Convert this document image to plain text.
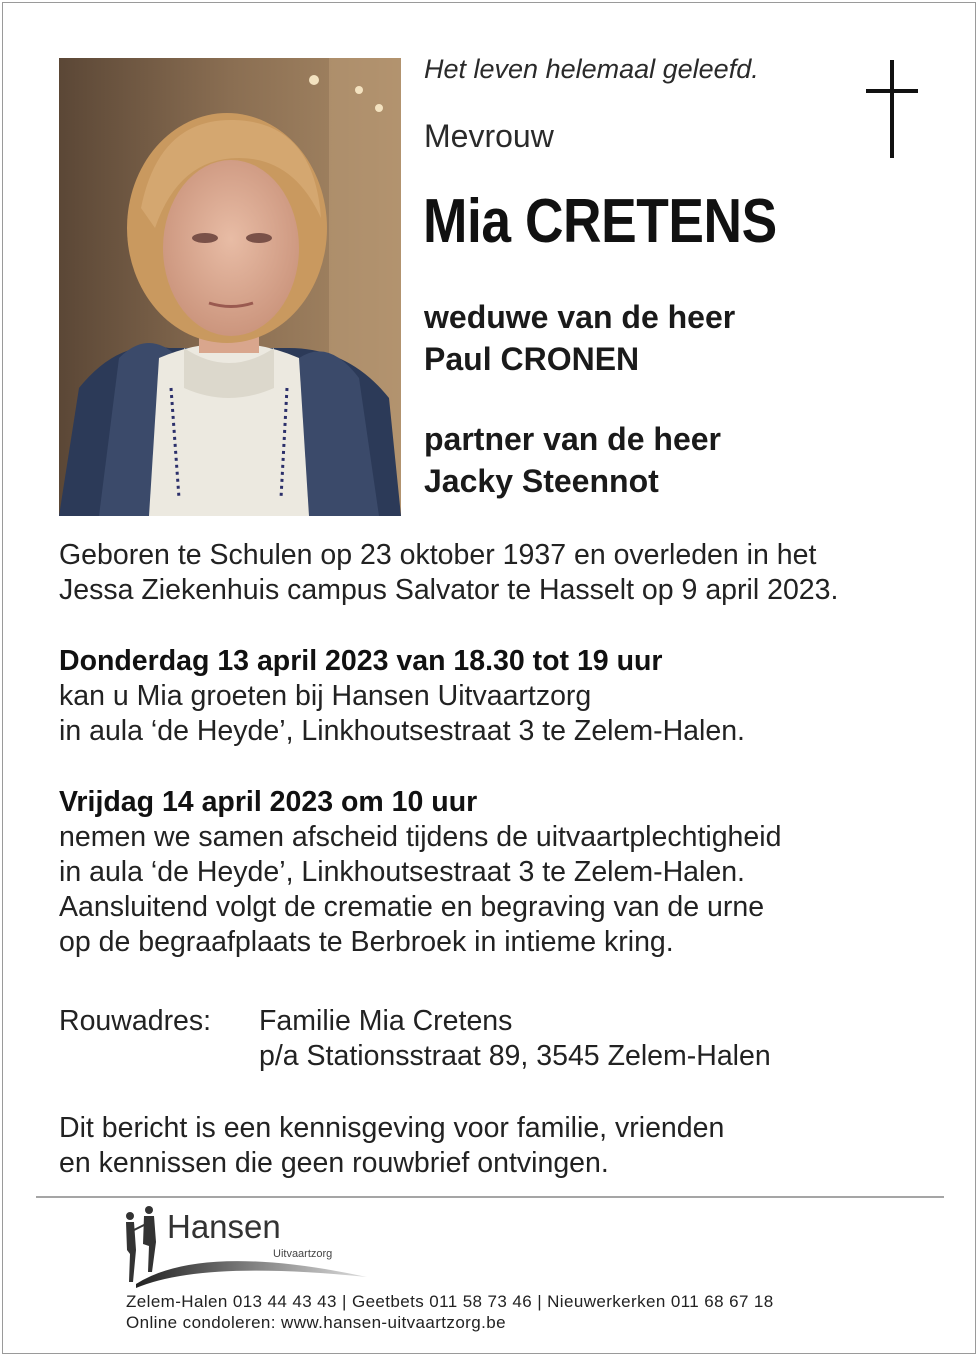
Het leven helemaal geleefd.
Mevrouw
Mia CRETENS
weduwe van de heer
Paul CRONEN
partner van de heer
Jacky Steennot
Geboren te Schulen op 23 oktober 1937 en overleden in het
Jessa Ziekenhuis campus Salvator te Hasselt op 9 april 2023.
Donderdag 13 april 2023 van 18.30 tot 19 uur
kan u Mia groeten bij Hansen Uitvaartzorg
in aula ‘de Heyde’, Linkhoutsestraat 3 te Zelem-Halen.
Vrijdag 14 april 2023 om 10 uur
nemen we samen afscheid tijdens de uitvaartplechtigheid
in aula ‘de Heyde’, Linkhoutsestraat 3 te Zelem-Halen.
Aansluitend volgt de crematie en begraving van de urne
op de begraafplaats te Berbroek in intieme kring.
Rouwadres: Familie Mia Cretens
p/a Stationsstraat 89, 3545 Zelem-Halen
Dit bericht is een kennisgeving voor familie, vrienden
en kennissen die geen rouwbrief ontvingen.
Hansen
Uitvaartzorg
Zelem-Halen 013 44 43 43 | Geetbets 011 58 73 46 | Nieuwerkerken 011 68 67 18
Online condoleren: www.hansen-uitvaartzorg.be
